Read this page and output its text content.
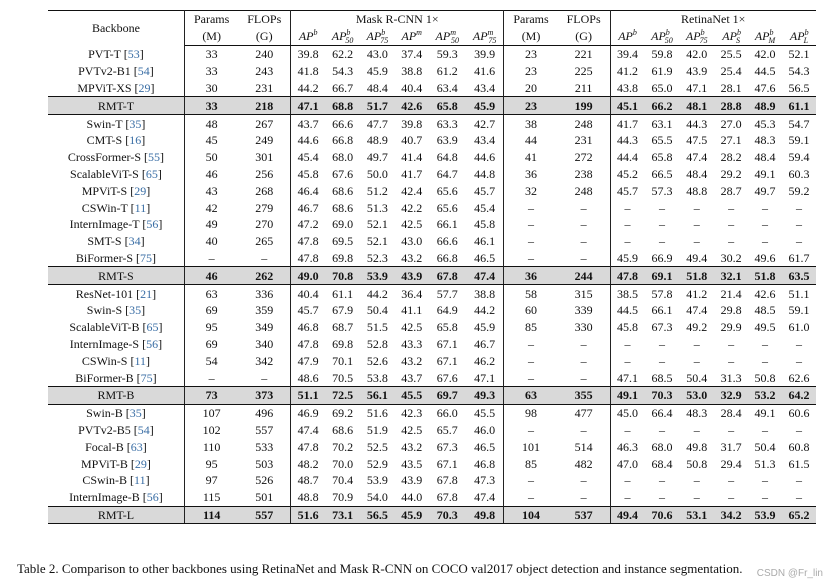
Backbone	Params	FLOPs	Mask R-CNN 1×						Params	FLOPs	RetinaNet 1×					
	(M)	(G)	$AP^b$	$AP^b_{50}$	$AP^b_{75}$	$AP^m$	$AP^m_{50}$	$AP^m_{75}$	(M)	(G)	$AP^b$	$AP^b_{50}$	$AP^b_{75}$	$AP^b_S$	$AP^b_M$	$AP^b_L$
PVT-T [53]	33	240	39.8	62.2	43.0	37.4	59.3	39.9	23	221	39.4	59.8	42.0	25.5	42.0	52.1
PVTv2-B1 [54]	33	243	41.8	54.3	45.9	38.8	61.2	41.6	23	225	41.2	61.9	43.9	25.4	44.5	54.3
MPViT-XS [29]	30	231	44.2	66.7	48.4	40.4	63.4	43.4	20	211	43.8	65.0	47.1	28.1	47.6	56.5
RMT-T	33	218	47.1	68.8	51.7	42.6	65.8	45.9	23	199	45.1	66.2	48.1	28.8	48.9	61.1
Swin-T [35]	48	267	43.7	66.6	47.7	39.8	63.3	42.7	38	248	41.7	63.1	44.3	27.0	45.3	54.7
CMT-S [16]	45	249	44.6	66.8	48.9	40.7	63.9	43.4	44	231	44.3	65.5	47.5	27.1	48.3	59.1
CrossFormer-S [55]	50	301	45.4	68.0	49.7	41.4	64.8	44.6	41	272	44.4	65.8	47.4	28.2	48.4	59.4
ScalableViT-S [65]	46	256	45.8	67.6	50.0	41.7	64.7	44.8	36	238	45.2	66.5	48.4	29.2	49.1	60.3
MPViT-S [29]	43	268	46.4	68.6	51.2	42.4	65.6	45.7	32	248	45.7	57.3	48.8	28.7	49.7	59.2
CSWin-T [11]	42	279	46.7	68.6	51.3	42.2	65.6	45.4	–	–	–	–	–	–	–	–
InternImage-T [56]	49	270	47.2	69.0	52.1	42.5	66.1	45.8	–	–	–	–	–	–	–	–
SMT-S [34]	40	265	47.8	69.5	52.1	43.0	66.6	46.1	–	–	–	–	–	–	–	–
BiFormer-S [75]	–	–	47.8	69.8	52.3	43.2	66.8	46.5	–	–	45.9	66.9	49.4	30.2	49.6	61.7
RMT-S	46	262	49.0	70.8	53.9	43.9	67.8	47.4	36	244	47.8	69.1	51.8	32.1	51.8	63.5
ResNet-101 [21]	63	336	40.4	61.1	44.2	36.4	57.7	38.8	58	315	38.5	57.8	41.2	21.4	42.6	51.1
Swin-S [35]	69	359	45.7	67.9	50.4	41.1	64.9	44.2	60	339	44.5	66.1	47.4	29.8	48.5	59.1
ScalableViT-B [65]	95	349	46.8	68.7	51.5	42.5	65.8	45.9	85	330	45.8	67.3	49.2	29.9	49.5	61.0
InternImage-S [56]	69	340	47.8	69.8	52.8	43.3	67.1	46.7	–	–	–	–	–	–	–	–
CSWin-S [11]	54	342	47.9	70.1	52.6	43.2	67.1	46.2	–	–	–	–	–	–	–	–
BiFormer-B [75]	–	–	48.6	70.5	53.8	43.7	67.6	47.1	–	–	47.1	68.5	50.4	31.3	50.8	62.6
RMT-B	73	373	51.1	72.5	56.1	45.5	69.7	49.3	63	355	49.1	70.3	53.0	32.9	53.2	64.2
Swin-B [35]	107	496	46.9	69.2	51.6	42.3	66.0	45.5	98	477	45.0	66.4	48.3	28.4	49.1	60.6
PVTv2-B5 [54]	102	557	47.4	68.6	51.9	42.5	65.7	46.0	–	–	–	–	–	–	–	–
Focal-B [63]	110	533	47.8	70.2	52.5	43.2	67.3	46.5	101	514	46.3	68.0	49.8	31.7	50.4	60.8
MPViT-B [29]	95	503	48.2	70.0	52.9	43.5	67.1	46.8	85	482	47.0	68.4	50.8	29.4	51.3	61.5
CSwin-B [11]	97	526	48.7	70.4	53.9	43.9	67.8	47.3	–	–	–	–	–	–	–	–
InternImage-B [56]	115	501	48.8	70.9	54.0	44.0	67.8	47.4	–	–	–	–	–	–	–	–
RMT-L	114	557	51.6	73.1	56.5	45.9	70.3	49.8	104	537	49.4	70.6	53.1	34.2	53.9	65.2
Table 2. Comparison to other backbones using RetinaNet and Mask R-CNN on COCO val2017 object detection and instance segmentation. CSDN @Fr_lin
